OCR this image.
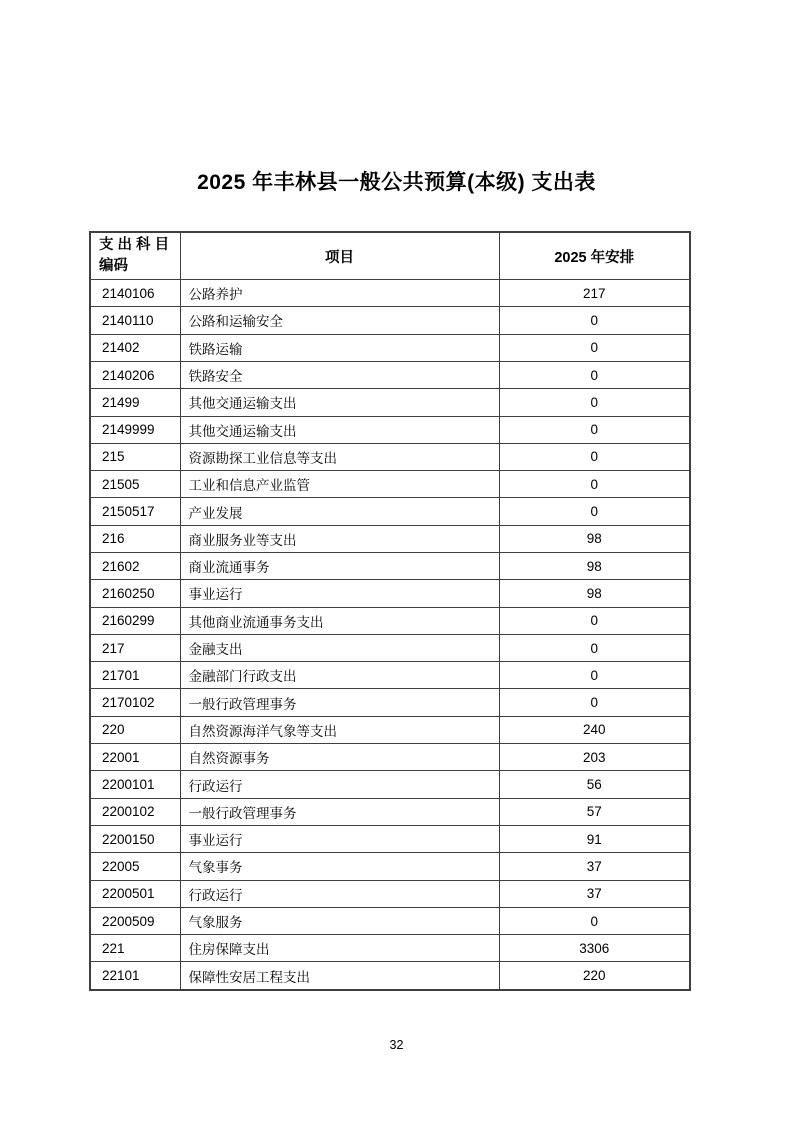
2025 年丰林县一般公共预算(本级) 支出表
支 出 科 目
编码	项目	2025 年安排
2140106	公路养护	217
2140110	公路和运输安全	0
21402	铁路运输	0
2140206	铁路安全	0
21499	其他交通运输支出	0
2149999	其他交通运输支出	0
215	资源勘探工业信息等支出	0
21505	工业和信息产业监管	0
2150517	产业发展	0
216	商业服务业等支出	98
21602	商业流通事务	98
2160250	事业运行	98
2160299	其他商业流通事务支出	0
217	金融支出	0
21701	金融部门行政支出	0
2170102	一般行政管理事务	0
220	自然资源海洋气象等支出	240
22001	自然资源事务	203
2200101	行政运行	56
2200102	一般行政管理事务	57
2200150	事业运行	91
22005	气象事务	37
2200501	行政运行	37
2200509	气象服务	0
221	住房保障支出	3306
22101	保障性安居工程支出	220
32
